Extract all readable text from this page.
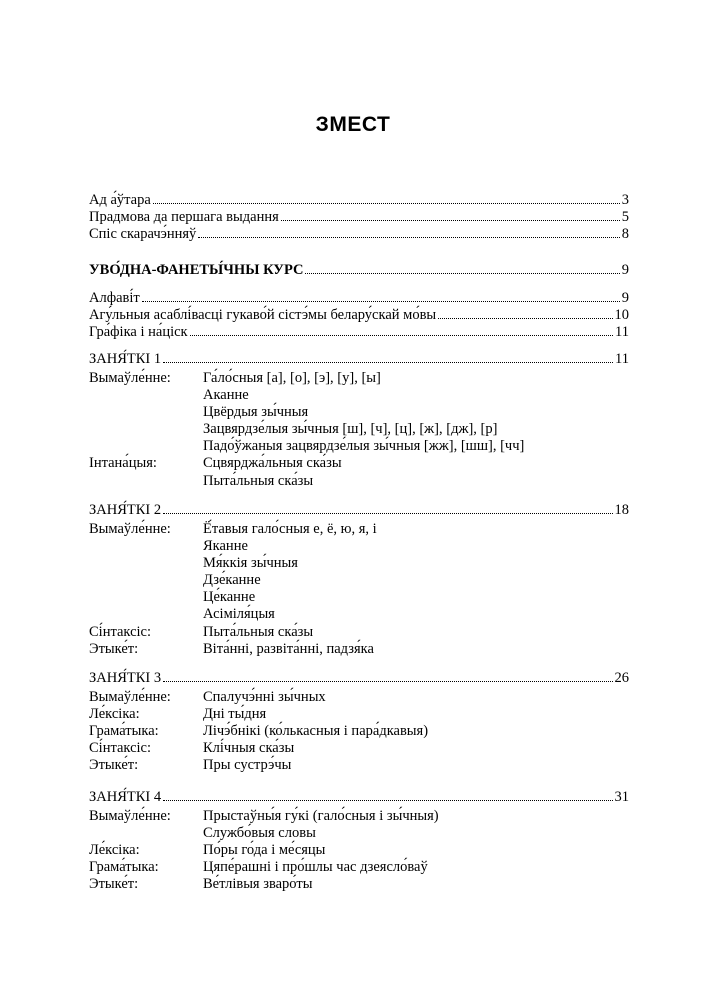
ЗМЕСТ
Ад а́ўтара	3
Прадмова да першага выдання	5
Спіс скарачэ́нняў	8
УВО́ДНА-ФАНЕТЫ́ЧНЫ КУРС	9
Алфаві́т	9
Агу́льныя асаблі́васці гукаво́й сістэ́мы белару́скай мо́вы	10
Гра́фіка і на́ціск	11
ЗАНЯ́ТКІ 1	11
Вымаўле́нне:	Га́ло́сныя [а], [о], [э], [у], [ы]
Аканне
Цвёрдыя зы́чныя
Зацвярдзе́лыя зы́чныя [ш], [ч], [ц], [ж], [дж], [р]
Падо́ўжаныя зацвярдзе́лыя зы́чныя [жж], [шш], [чч]
Інтана́цыя:	Сцвярджа́льныя ска́зы
Пыта́льныя ска́зы
ЗАНЯ́ТКІ 2	18
Вымаўле́нне:	Ё́тавыя гало́сныя е, ё, ю, я, і
Яканне
Мя́ккія зы́чныя
Дзе́канне
Це́канне
Асіміля́цыя
Сі́нтаксіс:	Пыта́льныя ска́зы
Этыке́т:	Віта́нні, развіта́нні, падзя́ка
ЗАНЯ́ТКІ 3	26
Вымаўле́нне:	Спалучэ́нні зы́чных
Ле́ксіка:	Дні ты́дня
Грама́тыка:	Лічэ́бнікі (ко́лькасныя і пара́дкавыя)
Сі́нтаксіс:	Клі́чныя ска́зы
Этыке́т:	Пры сустрэ́чы
ЗАНЯ́ТКІ 4	31
Вымаўле́нне:	Прыстаўны́я гу́кі (гало́сныя і зы́чныя)
Службо́выя словы
Ле́ксіка:	По́ры го́да і ме́сяцы
Грама́тыка:	Цяпе́рашні і про́шлы час дзеясло́ваў
Этыке́т:	Ве́тлівыя зваро́ты
